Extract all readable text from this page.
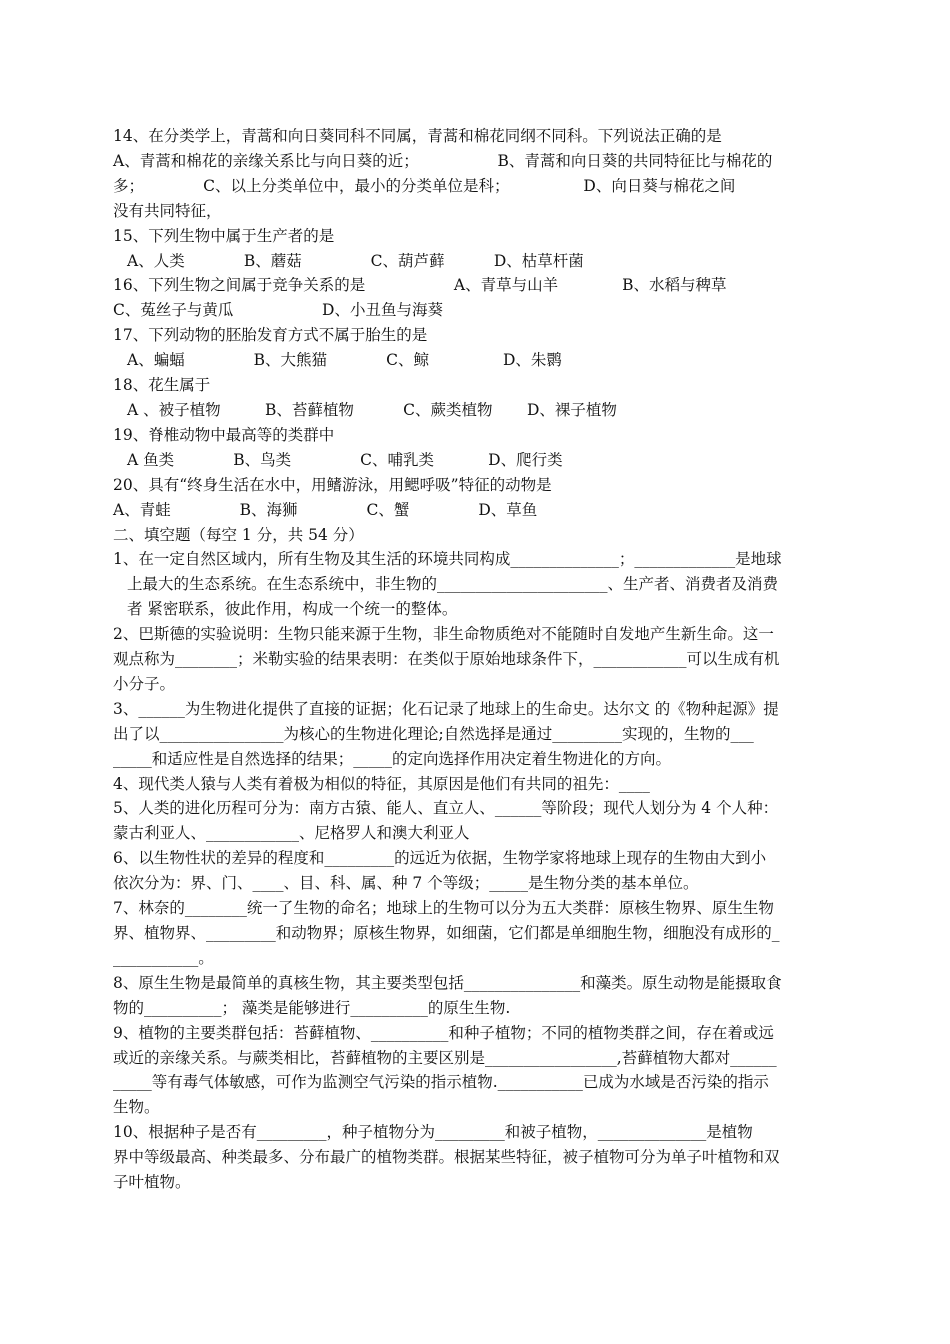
14、在分类学上，青蒿和向日葵同科不同属，青蒿和棉花同纲不同科。下列说法正确的是
A、青蒿和棉花的亲缘关系比与向日葵的近；                B、青蒿和向日葵的共同特征比与棉花的
多；            C、以上分类单位中，最小的分类单位是科；               D、向日葵与棉花之间
没有共同特征，
15、下列生物中属于生产者的是
A、人类            B、蘑菇              C、葫芦藓          D、枯草杆菌
16、下列生物之间属于竞争关系的是                  A、青草与山羊             B、水稻与稗草
C、菟丝子与黄瓜                  D、小丑鱼与海葵
17、下列动物的胚胎发育方式不属于胎生的是
A、蝙蝠              B、大熊猫            C、鲸               D、朱鹮
18、花生属于
A 、被子植物         B、苔藓植物          C、蕨类植物       D、裸子植物
19、脊椎动物中最高等的类群中
A 鱼类            B、鸟类              C、哺乳类           D、爬行类
20、具有“终身生活在水中，用鳍游泳，用鳃呼吸”特征的动物是
A、青蛙              B、海狮              C、蟹              D、草鱼
二、填空题（每空 1 分，共 54 分）
1、在一定自然区域内，所有生物及其生活的环境共同构成______________；_____________是地球
上最大的生态系统。在生态系统中，非生物的______________________、生产者、消费者及消费
者 紧密联系，彼此作用，构成一个统一的整体。
2、巴斯德的实验说明：生物只能来源于生物，非生命物质绝对不能随时自发地产生新生命。这一
观点称为________；米勒实验的结果表明：在类似于原始地球条件下，____________可以生成有机
小分子。
3、______为生物进化提供了直接的证据；化石记录了地球上的生命史。达尔文 的《物种起源》提
出了以________________为核心的生物进化理论;自然选择是通过_________实现的，生物的___
_____和适应性是自然选择的结果；_____的定向选择作用决定着生物进化的方向。
4、现代类人猿与人类有着极为相似的特征，其原因是他们有共同的祖先：____
5、人类的进化历程可分为：南方古猿、能人、直立人、______等阶段；现代人划分为 4 个人种：
蒙古利亚人、____________、尼格罗人和澳大利亚人
6、以生物性状的差异的程度和_________的远近为依据，生物学家将地球上现存的生物由大到小
依次分为：界、门、____、目、科、属、种 7 个等级；_____是生物分类的基本单位。
7、林奈的________统一了生物的命名；地球上的生物可以分为五大类群：原核生物界、原生生物
界、植物界、_________和动物界；原核生物界，如细菌，它们都是单细胞生物，细胞没有成形的_
___________。
8、原生生物是最简单的真核生物，其主要类型包括_______________和藻类。原生动物是能摄取食
物的__________； 藻类是能够进行__________的原生生物.
9、植物的主要类群包括：苔藓植物、__________和种子植物；不同的植物类群之间，存在着或远
或近的亲缘关系。与蕨类相比，苔藓植物的主要区别是_________________,苔藓植物大都对______
_____等有毒气体敏感，可作为监测空气污染的指示植物.___________已成为水域是否污染的指示
生物。
10、根据种子是否有_________，种子植物分为_________和被子植物，______________是植物
界中等级最高、种类最多、分布最广的植物类群。根据某些特征，被子植物可分为单子叶植物和双
子叶植物。
